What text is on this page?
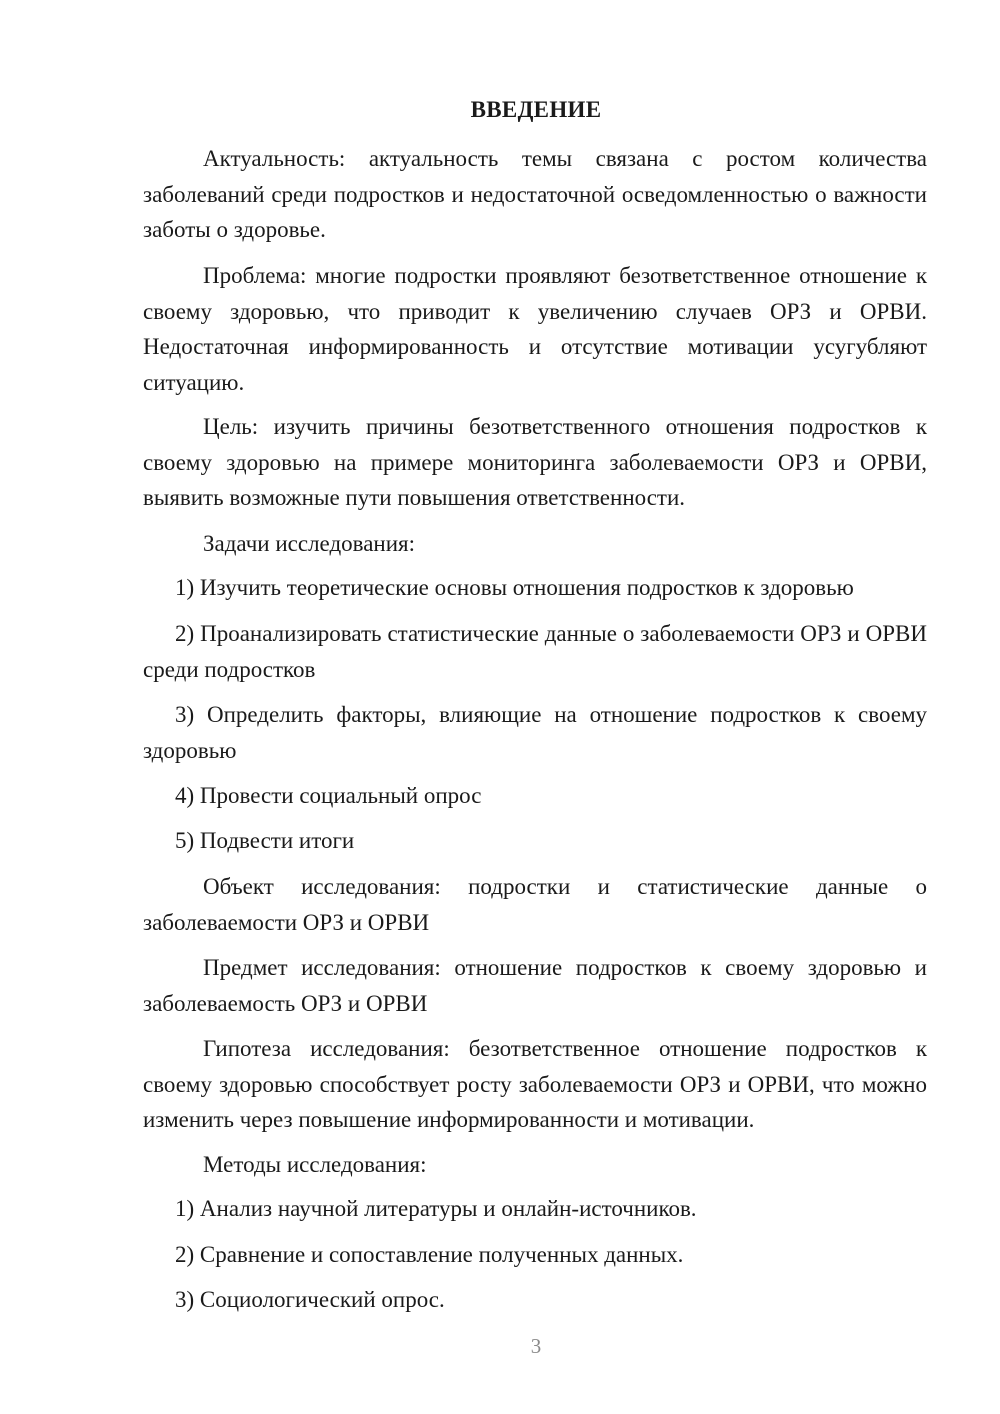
ВВЕДЕНИЕ

Актуальность: актуальность темы связана с ростом количества заболеваний среди подростков и недостаточной осведомленностью о важности заботы о здоровье.

Проблема: многие подростки проявляют безответственное отношение к своему здоровью, что приводит к увеличению случаев ОРЗ и ОРВИ. Недостаточная информированность и отсутствие мотивации усугубляют ситуацию.

Цель: изучить причины безответственного отношения подростков к своему здоровью на примере мониторинга заболеваемости ОРЗ и ОРВИ, выявить возможные пути повышения ответственности.

Задачи исследования:

1) Изучить теоретические основы отношения подростков к здоровью

2) Проанализировать статистические данные о заболеваемости ОРЗ и ОРВИ среди подростков

3) Определить факторы, влияющие на отношение подростков к своему здоровью

4) Провести социальный опрос

5) Подвести итоги

Объект исследования: подростки и статистические данные о заболеваемости ОРЗ и ОРВИ

Предмет исследования: отношение подростков к своему здоровью и заболеваемость ОРЗ и ОРВИ

Гипотеза исследования: безответственное отношение подростков к своему здоровью способствует росту заболеваемости ОРЗ и ОРВИ, что можно изменить через повышение информированности и мотивации.

Методы исследования:

1) Анализ научной литературы и онлайн-источников.

2) Сравнение и сопоставление полученных данных.

3) Социологический опрос.

3
